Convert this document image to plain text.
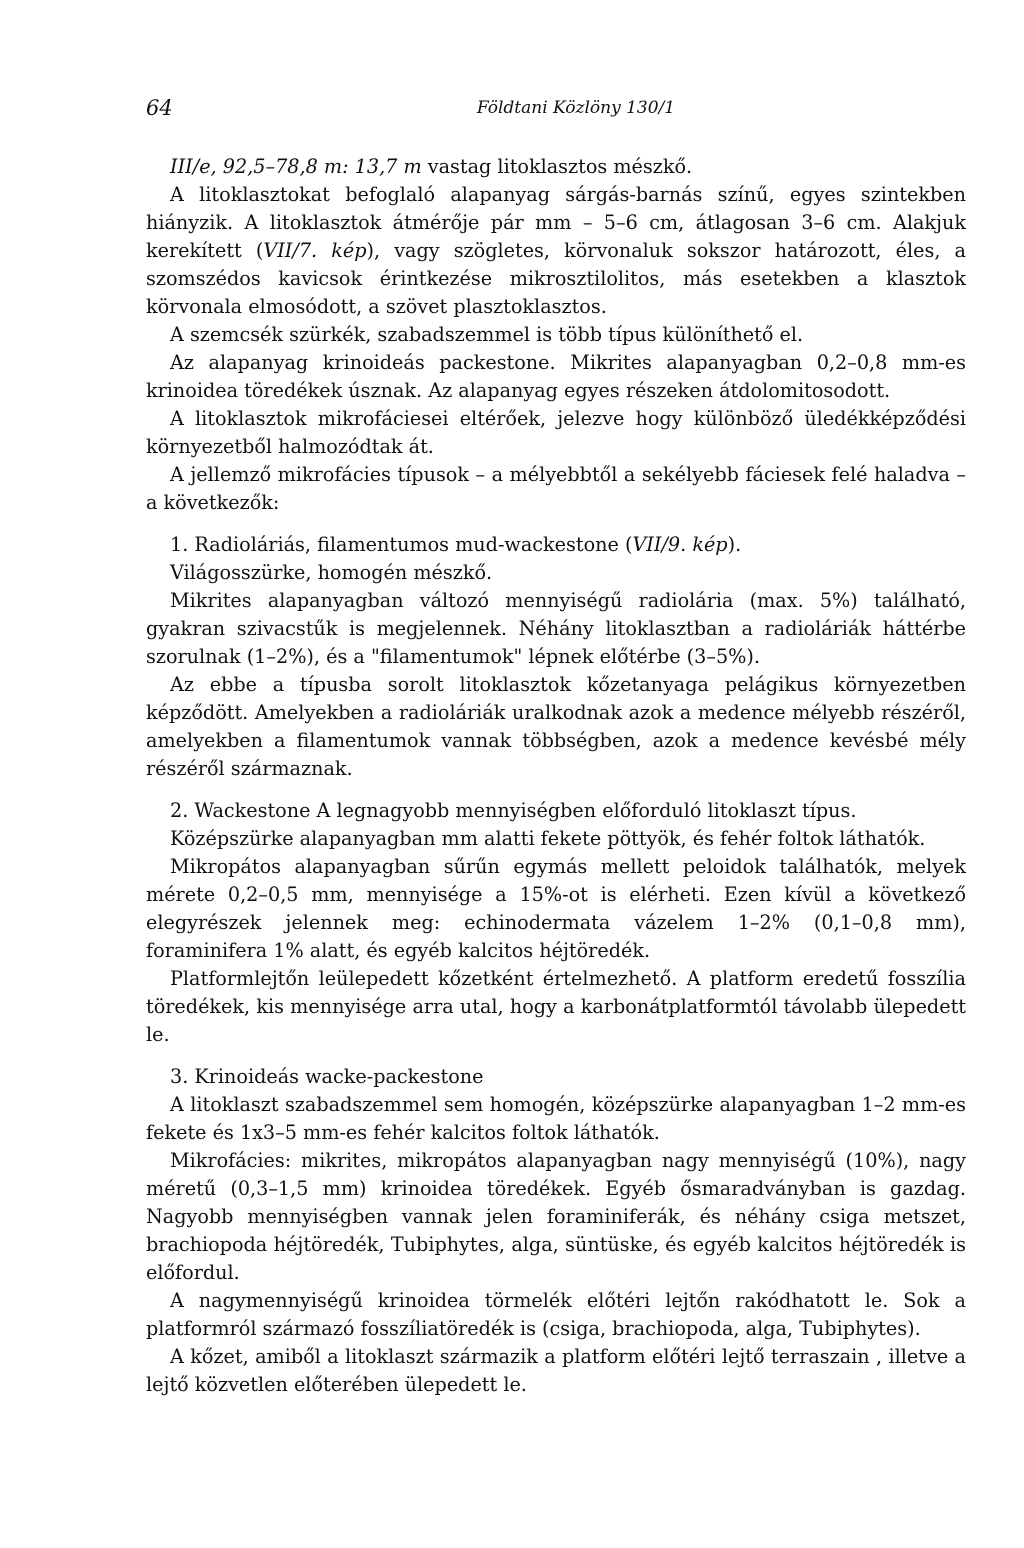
64	Földtani Közlöny 130/1

III/e, 92,5–78,8 m: 13,7 m vastag litoklasztos mészkő.

A litoklasztokat befoglaló alapanyag sárgás-barnás színű, egyes szintekben hiányzik. A litoklasztok átmérője pár mm – 5–6 cm, átlagosan 3–6 cm. Alakjuk kerekített (VII/7. kép), vagy szögletes, körvonaluk sokszor határozott, éles, a szomszédos kavicsok érintkezése mikrosztilolitos, más esetekben a klasztok körvonala elmosódott, a szövet plasztoklasztos.

A szemcsék szürkék, szabadszemmel is több típus különíthető el.

Az alapanyag krinoideás packestone. Mikrites alapanyagban 0,2–0,8 mm-es krinoidea töredékek úsznak. Az alapanyag egyes részeken átdolomitosodott.

A litoklasztok mikrofáciesei eltérőek, jelezve hogy különböző üledékképződési környezetből halmozódtak át.

A jellemző mikrofácies típusok – a mélyebbtől a sekélyebb fáciesek felé haladva – a következők:

1. Radioláriás, filamentumos mud-wackestone (VII/9. kép).

Világosszürke, homogén mészkő.

Mikrites alapanyagban változó mennyiségű radiolária (max. 5%) található, gyakran szivacstűk is megjelennek. Néhány litoklasztban a radioláriák háttérbe szorulnak (1–2%), és a "filamentumok" lépnek előtérbe (3–5%).

Az ebbe a típusba sorolt litoklasztok kőzetanyaga pelágikus környezetben képződött. Amelyekben a radioláriák uralkodnak azok a medence mélyebb részéről, amelyekben a filamentumok vannak többségben, azok a medence kevésbé mély részéről származnak.

2. Wackestone A legnagyobb mennyiségben előforduló litoklaszt típus.

Középszürke alapanyagban mm alatti fekete pöttyök, és fehér foltok láthatók.

Mikropátos alapanyagban sűrűn egymás mellett peloidok találhatók, melyek mérete 0,2–0,5 mm, mennyisége a 15%-ot is elérheti. Ezen kívül a következő elegyrészek jelennek meg: echinodermata vázelem 1–2% (0,1–0,8 mm), foraminifera 1% alatt, és egyéb kalcitos héjtöredék.

Platformlejtőn leülepedett kőzetként értelmezhető. A platform eredetű fosszília töredékek, kis mennyisége arra utal, hogy a karbonátplatformtól távolabb ülepedett le.

3. Krinoideás wacke-packestone

A litoklaszt szabadszemmel sem homogén, középszürke alapanyagban 1–2 mm-es fekete és 1x3–5 mm-es fehér kalcitos foltok láthatók.

Mikrofácies: mikrites, mikropátos alapanyagban nagy mennyiségű (10%), nagy méretű (0,3–1,5 mm) krinoidea töredékek. Egyéb ősmaradványban is gazdag. Nagyobb mennyiségben vannak jelen foraminiferák, és néhány csiga metszet, brachiopoda héjtöredék, Tubiphytes, alga, süntüske, és egyéb kalcitos héjtöredék is előfordul.

A nagymennyiségű krinoidea törmelék előtéri lejtőn rakódhatott le. Sok a platformról származó fosszíliatöredék is (csiga, brachiopoda, alga, Tubiphytes).

A kőzet, amiből a litoklaszt származik a platform előtéri lejtő terraszain , illetve a lejtő közvetlen előterében ülepedett le.
